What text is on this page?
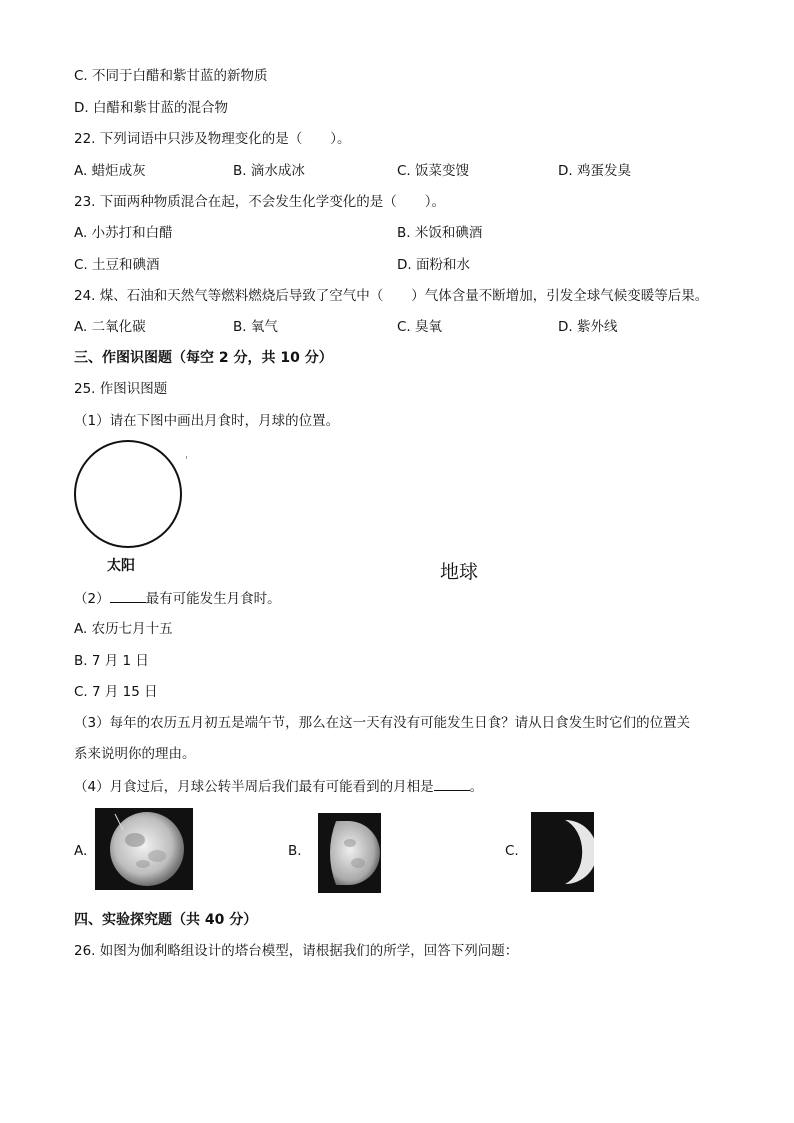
C. 不同于白醋和紫甘蓝的新物质
D. 白醋和紫甘蓝的混合物
22. 下列词语中只涉及物理变化的是（ ）。
A. 蜡炬成灰	B. 滴水成冰	C. 饭菜变馊	D. 鸡蛋发臭
23. 下面两种物质混合在起，不会发生化学变化的是（ ）。
A. 小苏打和白醋	B. 米饭和碘酒
C. 土豆和碘酒	D. 面粉和水
24. 煤、石油和天然气等燃料燃烧后导致了空气中（ ）气体含量不断增加，引发全球气候变暖等后果。
A. 二氧化碳	B. 氧气	C. 臭氧	D. 紫外线
三、作图识图题（每空 2 分，共 10 分）
25. 作图识图题
（1）请在下图中画出月食时，月球的位置。
太阳	地球
（2）	最有可能发生月食时。
A. 农历七月十五
B. 7 月 1 日
C. 7 月 15 日
（3）每年的农历五月初五是端午节，那么在这一天有没有可能发生日食？请从日食发生时它们的位置关
系来说明你的理由。
（4）月食过后，月球公转半周后我们最有可能看到的月相是	。
A.	B.	C.
四、实验探究题（共 40 分）
26. 如图为伽利略组设计的塔台模型，请根据我们的所学，回答下列问题：
